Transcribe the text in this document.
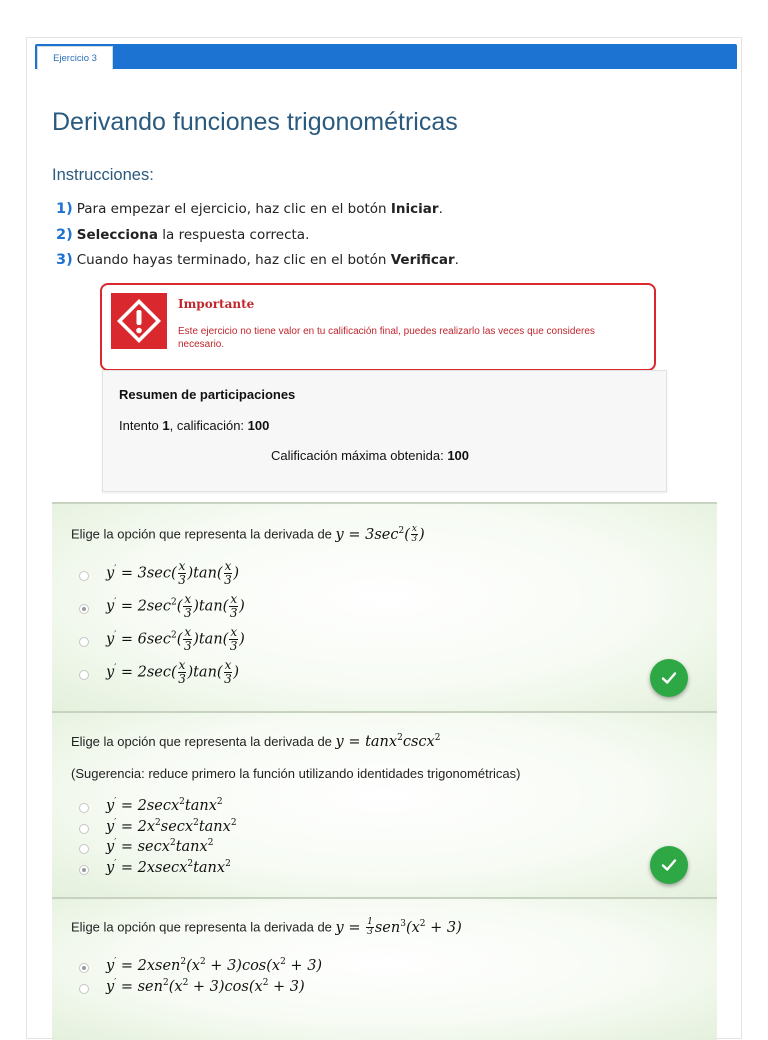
Ejercicio 3
Derivando funciones trigonométricas
Instrucciones:
1) Para empezar el ejercicio, haz clic en el botón Iniciar.
2) Selecciona la respuesta correcta.
3) Cuando hayas terminado, haz clic en el botón Verificar.
Importante
Este ejercicio no tiene valor en tu calificación final, puedes realizarlo las veces que consideres necesario.
Resumen de participaciones
Intento 1, calificación: 100
Calificación máxima obtenida: 100
Elige la opción que representa la derivada de $y = 3\sec^2( \frac{x}{3}$ )
$y' = 3\sec( \frac{x}{3} )\tan( \frac{x}{3}$ )
$y' = 2\sec^2( \frac{x}{3} )\tan( \frac{x}{3}$ )
$y' = 6\sec^2( \frac{x}{3} )\tan( \frac{x}{3}$ )
$y' = 2\sec( \frac{x}{3} )\tan( \frac{x}{3}$ )
Elige la opción que representa la derivada de y = tanx$^2$cscx$^2$
(Sugerencia: reduce primero la función utilizando identidades trigonométricas)
y′ = 2secx$^2$tanx$^2$
$y' = 2x^2\sec x^2\tan x^2$
y′ = secx$^2$tanx$^2$
y′ = 2xsecx$^2$tanx$^2$
Elige la opción que representa la derivada de $y = \frac{1}{3} sen^3(x^2 + 3)$
$y' = 2xsen^2(x^2 + 3)\cos(x^2 + 3)$
$y' = sen^2(x^2 + 3)\cos(x^2 + 3)$
